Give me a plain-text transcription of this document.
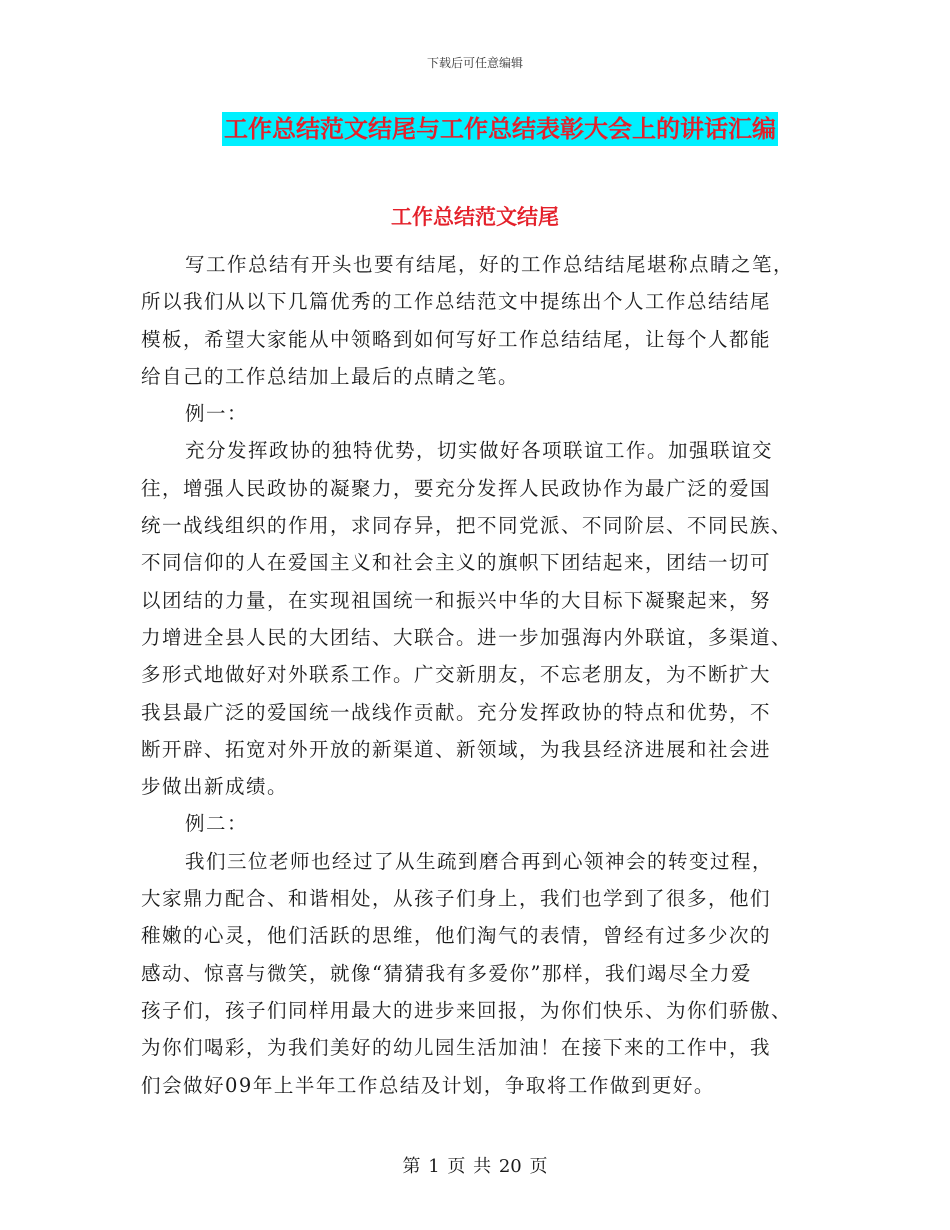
下载后可任意编辑
工作总结范文结尾与工作总结表彰大会上的讲话汇编
工作总结范文结尾
写工作总结有开头也要有结尾，好的工作总结结尾堪称点睛之笔，
所以我们从以下几篇优秀的工作总结范文中提练出个人工作总结结尾
模板，希望大家能从中领略到如何写好工作总结结尾，让每个人都能
给自己的工作总结加上最后的点睛之笔。
例一：
充分发挥政协的独特优势，切实做好各项联谊工作。加强联谊交
往，增强人民政协的凝聚力，要充分发挥人民政协作为最广泛的爱国
统一战线组织的作用，求同存异，把不同党派、不同阶层、不同民族、
不同信仰的人在爱国主义和社会主义的旗帜下团结起来，团结一切可
以团结的力量，在实现祖国统一和振兴中华的大目标下凝聚起来，努
力增进全县人民的大团结、大联合。进一步加强海内外联谊，多渠道、
多形式地做好对外联系工作。广交新朋友，不忘老朋友，为不断扩大
我县最广泛的爱国统一战线作贡献。充分发挥政协的特点和优势，不
断开辟、拓宽对外开放的新渠道、新领域，为我县经济进展和社会进
步做出新成绩。
例二：
我们三位老师也经过了从生疏到磨合再到心领神会的转变过程，
大家鼎力配合、和谐相处，从孩子们身上，我们也学到了很多，他们
稚嫩的心灵，他们活跃的思维，他们淘气的表情，曾经有过多少次的
感动、惊喜与微笑，就像“猜猜我有多爱你”那样，我们竭尽全力爱
孩子们，孩子们同样用最大的进步来回报，为你们快乐、为你们骄傲、
为你们喝彩，为我们美好的幼儿园生活加油！在接下来的工作中，我
们会做好09年上半年工作总结及计划，争取将工作做到更好。
第 1 页 共 20 页
